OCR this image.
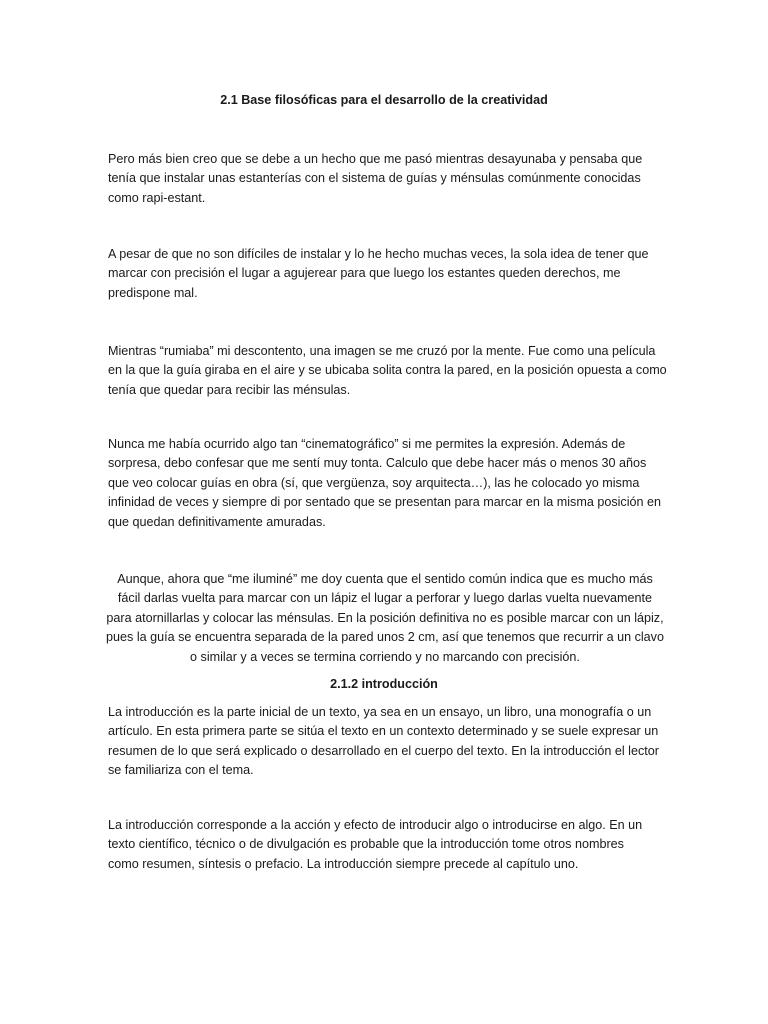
2.1 Base filosóficas para el desarrollo de la creatividad
Pero más bien creo que se debe a un hecho que me pasó mientras desayunaba y pensaba que
tenía que instalar unas estanterías con el sistema de guías y ménsulas comúnmente conocidas
como rapi-estant.
A pesar de que no son difíciles de instalar y lo he hecho muchas veces, la sola idea de tener que
marcar con precisión el lugar a agujerear para que luego los estantes queden derechos, me
predispone mal.
Mientras “rumiaba” mi descontento, una imagen se me cruzó por la mente. Fue como una película
en la que la guía giraba en el aire y se ubicaba solita contra la pared, en la posición opuesta a como
tenía que quedar para recibir las ménsulas.
Nunca me había ocurrido algo tan “cinematográfico” si me permites la expresión. Además de
sorpresa, debo confesar que me sentí muy tonta. Calculo que debe hacer más o menos 30 años
que veo colocar guías en obra (sí, que vergüenza, soy arquitecta…), las he colocado yo misma
infinidad de veces y siempre di por sentado que se presentan para marcar en la misma posición en
que quedan definitivamente amuradas.
Aunque, ahora que “me iluminé” me doy cuenta que el sentido común indica que es mucho más
fácil darlas vuelta para marcar con un lápiz el lugar a perforar y luego darlas vuelta nuevamente
para atornillarlas y colocar las ménsulas. En la posición definitiva no es posible marcar con un lápiz,
pues la guía se encuentra separada de la pared unos 2 cm, así que tenemos que recurrir a un clavo
o similar y a veces se termina corriendo y no marcando con precisión.
2.1.2 introducción
La introducción es la parte inicial de un texto, ya sea en un ensayo, un libro, una monografía o un
artículo. En esta primera parte se sitúa el texto en un contexto determinado y se suele expresar un
resumen de lo que será explicado o desarrollado en el cuerpo del texto. En la introducción el lector
se familiariza con el tema.
La introducción corresponde a la acción y efecto de introducir algo o introducirse en algo. En un
texto científico, técnico o de divulgación es probable que la introducción tome otros nombres
como resumen, síntesis o prefacio. La introducción siempre precede al capítulo uno.
